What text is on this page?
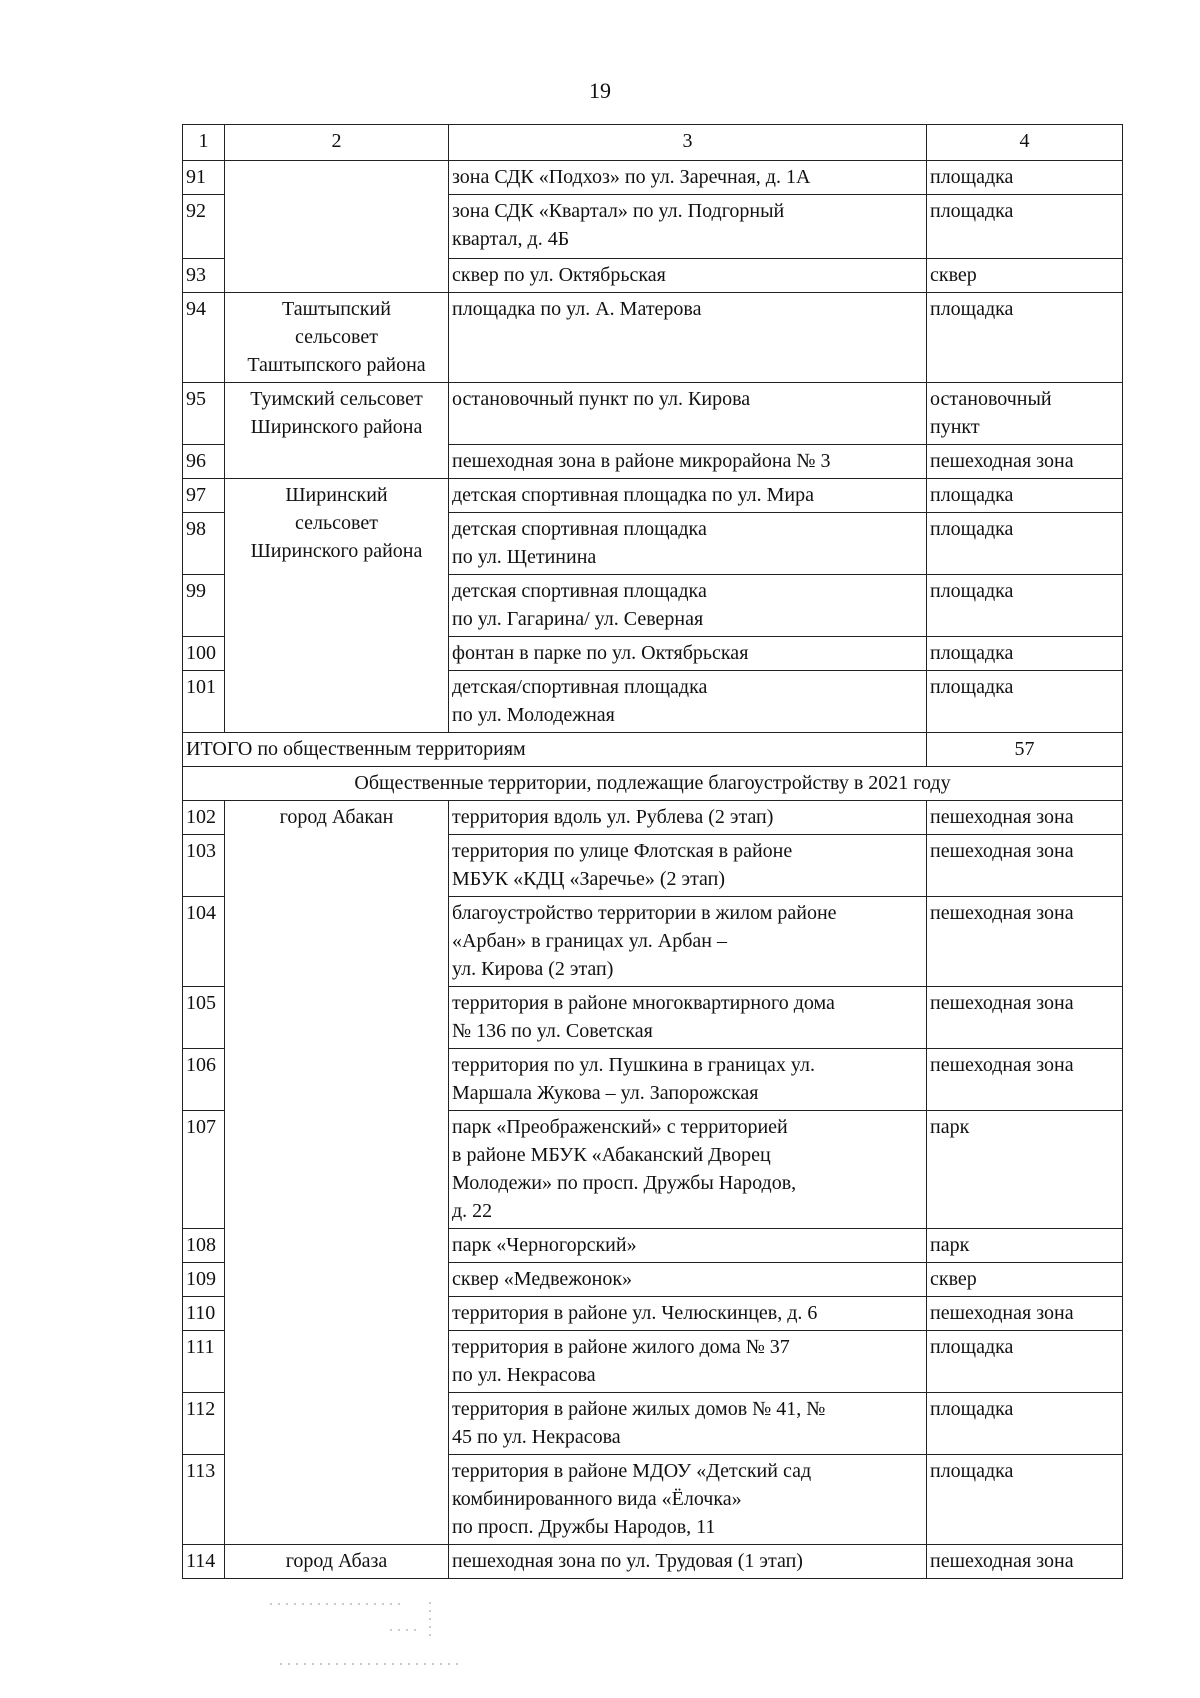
19
1	2	3	4
91		зона СДК «Подхоз» по ул. Заречная, д. 1А	площадка
92		зона СДК «Квартал» по ул. Подгорный
квартал, д. 4Б	площадка
93		сквер по ул. Октябрьская	сквер
94	Таштыпский
сельсовет
Таштыпского района	площадка по ул. А. Матерова	площадка
95	Туимский сельсовет
Ширинского района	остановочный пункт по ул. Кирова	остановочный
пункт
96		пешеходная зона в районе микрорайона № 3	пешеходная зона
97	Ширинский
сельсовет
Ширинского района	детская спортивная площадка по ул. Мира	площадка
98		детская спортивная площадка
по ул. Щетинина	площадка
99		детская спортивная площадка
по ул. Гагарина/ ул. Северная	площадка
100		фонтан в парке по ул. Октябрьская	площадка
101		детская/спортивная площадка
по ул. Молодежная	площадка
ИТОГО по общественным территориям			57
Общественные территории, подлежащие благоустройству в 2021 году			
102	город Абакан	территория вдоль ул. Рублева (2 этап)	пешеходная зона
103		территория по улице Флотская в районе
МБУК «КДЦ «Заречье» (2 этап)	пешеходная зона
104		благоустройство территории в жилом районе
«Арбан» в границах ул. Арбан –
ул. Кирова (2 этап)	пешеходная зона
105		территория в районе многоквартирного дома
№ 136 по ул. Советская	пешеходная зона
106		территория по ул. Пушкина в границах ул.
Маршала Жукова – ул. Запорожская	пешеходная зона
107		парк «Преображенский» с территорией
в районе МБУК «Абаканский Дворец
Молодежи» по просп. Дружбы Народов,
д. 22	парк
108		парк «Черногорский»	парк
109		сквер «Медвежонок»	сквер
110		территория в районе ул. Челюскинцев, д. 6	пешеходная зона
111		территория в районе жилого дома № 37
по ул. Некрасова	площадка
112		территория в районе жилых домов № 41, №
45 по ул. Некрасова	площадка
113		территория в районе МДОУ «Детский сад
комбинированного вида «Ёлочка»
по просп. Дружбы Народов, 11	площадка
114	город Абаза	пешеходная зона по ул. Трудовая (1 этап)	пешеходная зона
